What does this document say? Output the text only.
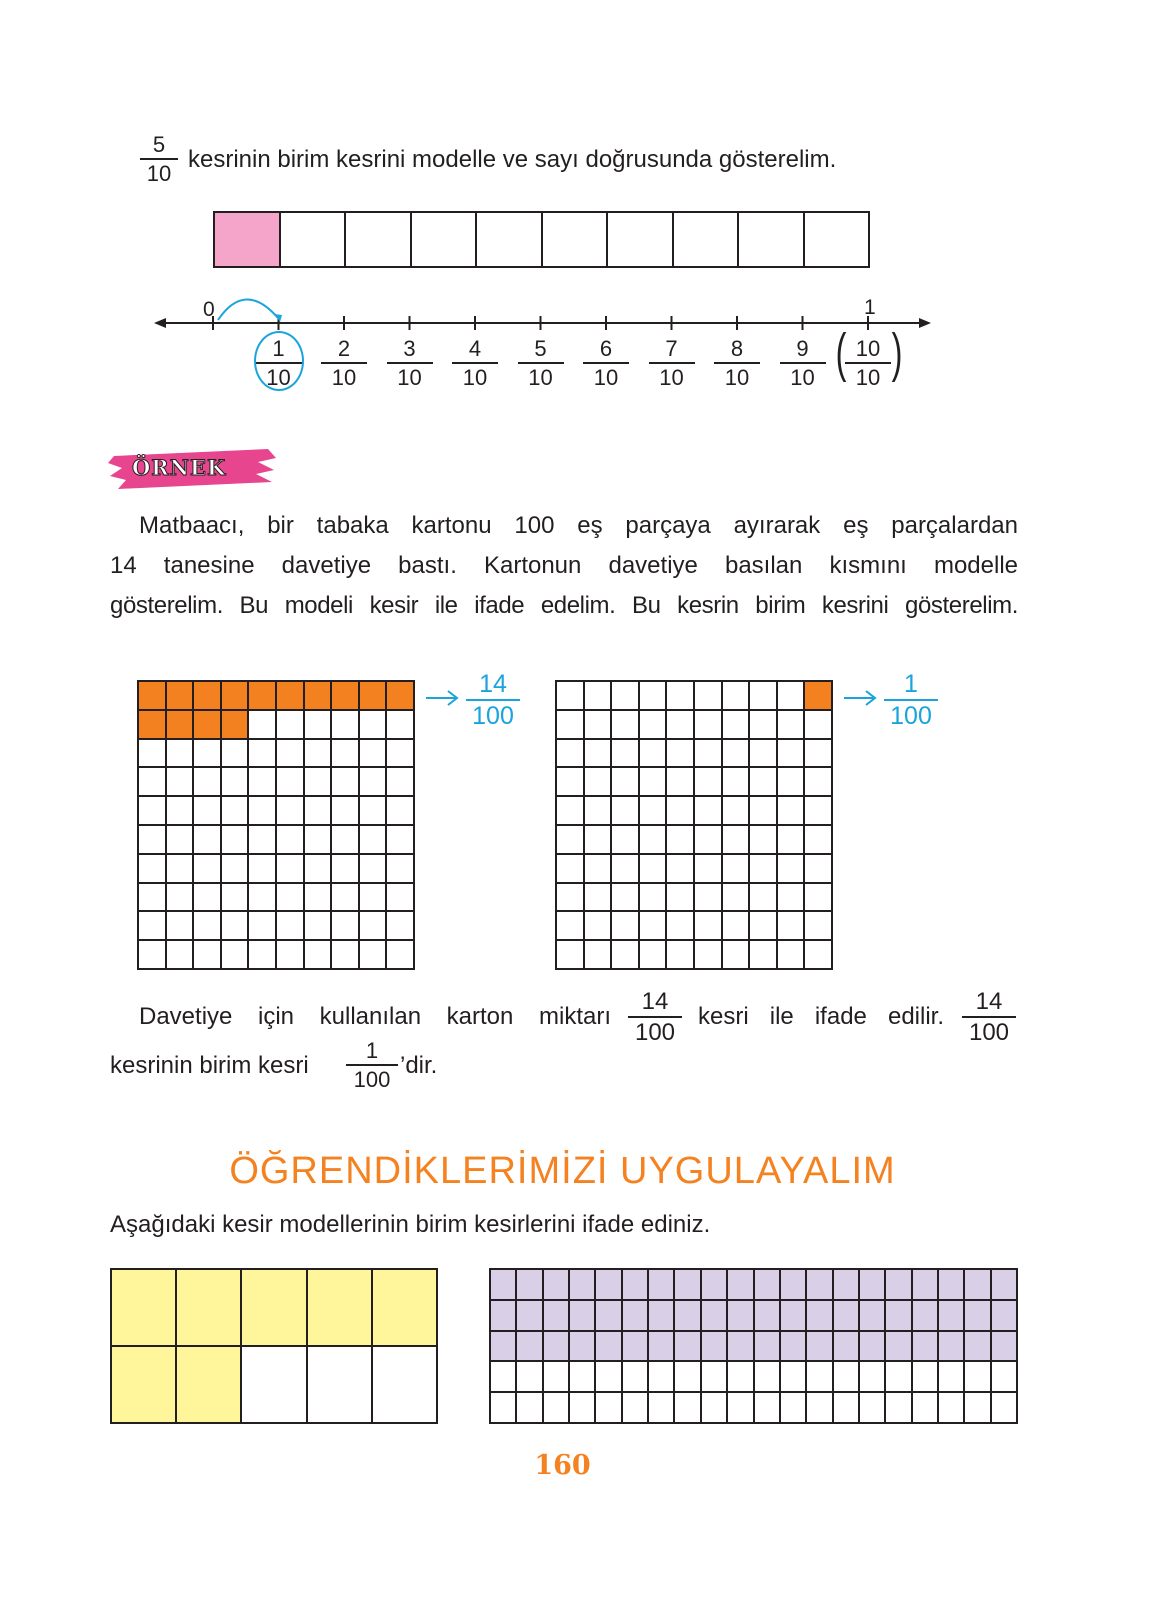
5
10
kesrinin birim kesrini modelle ve sayı doğrusunda gösterelim.
0	1
1
10
2
10
3
10
4
10
5
10
6
10
7
10
8
10
9
10
10
10
( )
ÖRNEK
Matbaacı, bir tabaka kartonu 100 eş parçaya ayırarak eş parçalardan
14 tanesine davetiye bastı. Kartonun davetiye basılan kısmını modelle
gösterelim. Bu modeli kesir ile ifade edelim. Bu kesrin birim kesrini gösterelim.
14
100
1
100
Davetiye için kullanılan karton miktarı
14
100
kesri ile ifade edilir.
14
100
kesrinin birim kesri
1
100
’dir.
ÖĞRENDİKLERİMİZİ UYGULAYALIM
Aşağıdaki kesir modellerinin birim kesirlerini ifade ediniz.
160
